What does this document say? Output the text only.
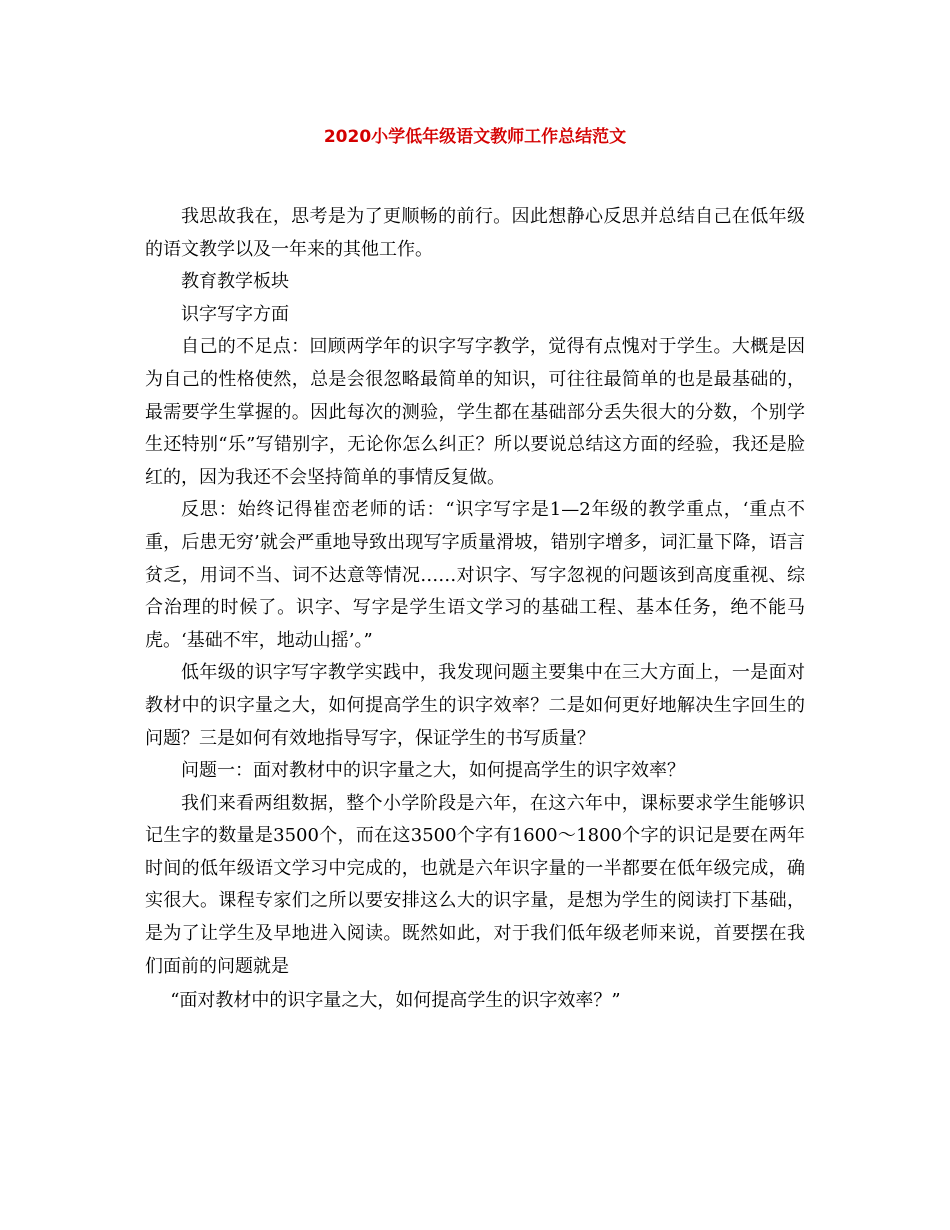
2020小学低年级语文教师工作总结范文

我思故我在，思考是为了更顺畅的前行。因此想静心反思并总结自己在低年级的语文教学以及一年来的其他工作。

教育教学板块

识字写字方面

自己的不足点：回顾两学年的识字写字教学，觉得有点愧对于学生。大概是因为自己的性格使然，总是会很忽略最简单的知识，可往往最简单的也是最基础的，最需要学生掌握的。因此每次的测验，学生都在基础部分丢失很大的分数，个别学生还特别“乐”写错别字，无论你怎么纠正？所以要说总结这方面的经验，我还是脸红的，因为我还不会坚持简单的事情反复做。

反思：始终记得崔峦老师的话：“识字写字是1—2年级的教学重点，‘重点不重，后患无穷’就会严重地导致出现写字质量滑坡，错别字增多，词汇量下降，语言贫乏，用词不当、词不达意等情况……对识字、写字忽视的问题该到高度重视、综合治理的时候了。识字、写字是学生语文学习的基础工程、基本任务，绝不能马虎。‘基础不牢，地动山摇’。”

低年级的识字写字教学实践中，我发现问题主要集中在三大方面上，一是面对教材中的识字量之大，如何提高学生的识字效率？二是如何更好地解决生字回生的问题？三是如何有效地指导写字，保证学生的书写质量？

问题一：面对教材中的识字量之大，如何提高学生的识字效率？

我们来看两组数据，整个小学阶段是六年，在这六年中，课标要求学生能够识记生字的数量是3500个，而在这3500个字有1600～1800个字的识记是要在两年时间的低年级语文学习中完成的，也就是六年识字量的一半都要在低年级完成，确实很大。课程专家们之所以要安排这么大的识字量，是想为学生的阅读打下基础，是为了让学生及早地进入阅读。既然如此，对于我们低年级老师来说，首要摆在我们面前的问题就是

“面对教材中的识字量之大，如何提高学生的识字效率？”
